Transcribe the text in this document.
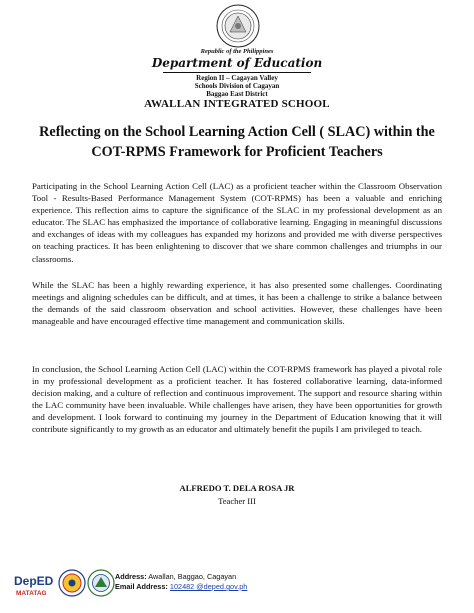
Republic of the Philippines
Department of Education
Region II – Cagayan Valley
Schools Division of Cagayan
Baggao East District
AWALLAN INTEGRATED SCHOOL
Reflecting on the School Learning Action Cell ( SLAC) within the
COT-RPMS Framework for Proficient Teachers

Participating in the School Learning Action Cell (LAC) as a proficient teacher within the Classroom Observation Tool - Results-Based Performance Management System (COT-RPMS) has been a valuable and enriching experience. This reflection aims to capture the significance of the SLAC in my professional development as an educator. The SLAC has emphasized the importance of collaborative learning. Engaging in meaningful discussions and exchanges of ideas with my colleagues has expanded my horizons and provided me with diverse perspectives on teaching practices. It has been enlightening to discover that we share common challenges and triumphs in our classrooms.

While the SLAC has been a highly rewarding experience, it has also presented some challenges. Coordinating meetings and aligning schedules can be difficult, and at times, it has been a challenge to strike a balance between the demands of the said classroom observation and school activities. However, these challenges have been manageable and have encouraged effective time management and communication skills.

In conclusion, the School Learning Action Cell (LAC) within the COT-RPMS framework has played a pivotal role in my professional development as a proficient teacher. It has fostered collaborative learning, data-informed decision making, and a culture of reflection and continuous improvement. The support and resource sharing within the LAC community have been invaluable. While challenges have arisen, they have been opportunities for growth and development. I look forward to continuing my journey in the Department of Education knowing that it will contribute significantly to my growth as an educator and ultimately benefit the pupils I am privileged to teach.

ALFREDO T. DELA ROSA JR
Teacher III
DepED
MATATAG
Address: Awallan, Baggao, Cagayan
Email Address: 102482 @deped.gov.ph
